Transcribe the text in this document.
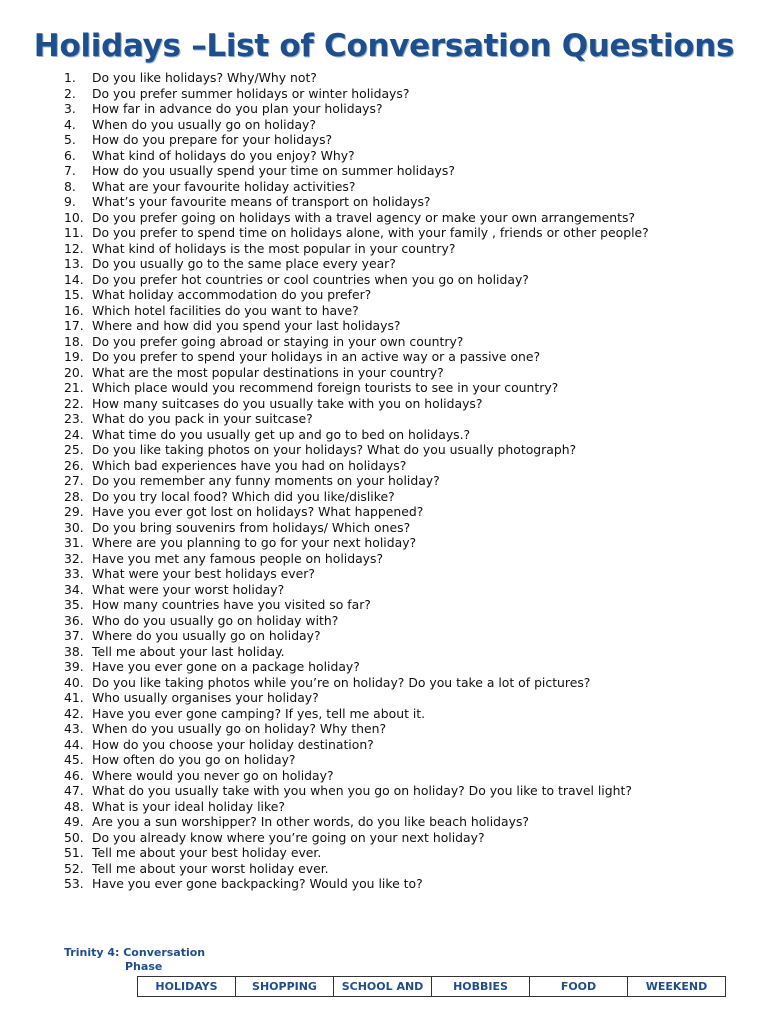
Holidays –List of Conversation Questions
1.	Do you like holidays? Why/Why not?
2.	Do you prefer summer holidays or winter holidays?
3.	How far in advance do you plan your holidays?
4.	When do you usually go on holiday?
5.	How do you prepare for your holidays?
6.	What kind of holidays do you enjoy? Why?
7.	How do you usually spend your time on summer holidays?
8.	What are your favourite holiday activities?
9.	What’s your favourite means of transport on holidays?
10. Do you prefer going on holidays with a travel agency or make your own arrangements?
11. Do you prefer to spend time on holidays alone, with your family , friends or other people?
12. What kind of holidays is the most popular in your country?
13. Do you usually go to the same place every year?
14. Do you prefer hot countries or cool countries when you go on holiday?
15. What holiday accommodation do you prefer?
16. Which hotel facilities do you want to have?
17. Where and how did you spend your last holidays?
18. Do you prefer going abroad or staying in your own country?
19. Do you prefer to spend your holidays in an active way or a passive one?
20. What are the most popular destinations in your country?
21. Which place would you recommend foreign tourists to see in your country?
22. How many suitcases do you usually take with you on holidays?
23. What do you pack in your suitcase?
24. What time do you usually get up and go to bed on holidays.?
25. Do you like taking photos on your holidays? What do you usually photograph?
26. Which bad experiences have you had on holidays?
27. Do you remember any funny moments on your holiday?
28. Do you try local food? Which did you like/dislike?
29. Have you ever got lost on holidays? What happened?
30. Do you bring souvenirs from holidays/ Which ones?
31. Where are you planning to go for your next holiday?
32. Have you met any famous people on holidays?
33. What were your best holidays ever?
34. What were your worst holiday?
35. How many countries have you visited so far?
36. Who do you usually go on holiday with?
37. Where do you usually go on holiday?
38. Tell me about your last holiday.
39. Have you ever gone on a package holiday?
40. Do you like taking photos while you’re on holiday? Do you take a lot of pictures?
41. Who usually organises your holiday?
42. Have you ever gone camping? If yes, tell me about it.
43. When do you usually go on holiday? Why then?
44. How do you choose your holiday destination?
45. How often do you go on holiday?
46. Where would you never go on holiday?
47. What do you usually take with you when you go on holiday? Do you like to travel light?
48. What is your ideal holiday like?
49. Are you a sun worshipper? In other words, do you like beach holidays?
50. Do you already know where you’re going on your next holiday?
51. Tell me about your best holiday ever.
52. Tell me about your worst holiday ever.
53. Have you ever gone backpacking? Would you like to?
Trinity 4: Conversation
Phase
HOLIDAYS	SHOPPING	SCHOOL AND	HOBBIES	FOOD	WEEKEND
